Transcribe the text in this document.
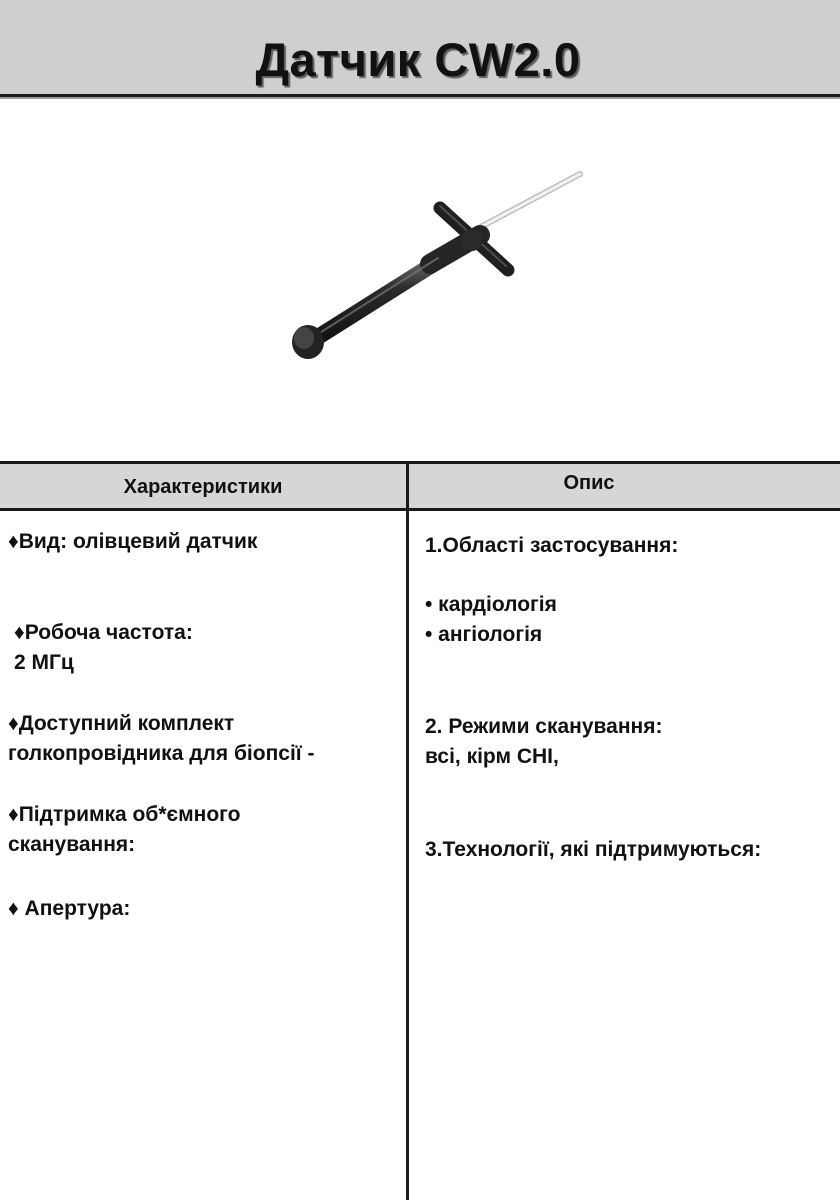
Датчик CW2.0
Характеристики	Опис
♦Вид: олівцевий датчик
♦Робоча частота:
2 МГц
♦Доступний комплект
голкопровідника для біопсії -
♦Підтримка об*ємного
сканування:
♦ Апертура:
1.Області застосування:
• кардіологія
• ангіологія
2. Режими сканування:
всі, кірм СНІ,
3.Технології, які підтримуються:
